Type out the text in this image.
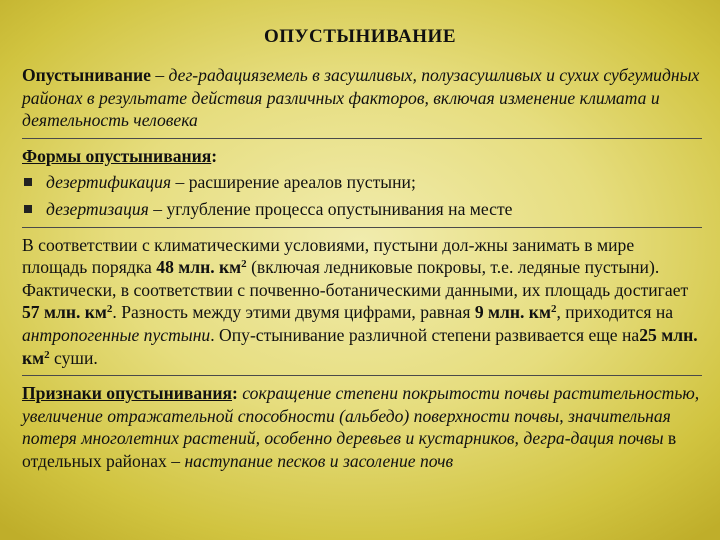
ОПУСТЫНИВАНИЕ

Опустынивание – дег-радацияземель в засушливых, полузасушливых и сухих субгумидных районах в результате действия различных факторов, включая изменение климата и деятельность человека

Формы опустынивания:

дезертификация – расширение ареалов пустыни;
дезертизация – углубление процесса опустынивания на месте

В соответствии с климатическими условиями, пустыни дол-жны занимать в мире площадь порядка 48 млн. $км^2$ (включая ледниковые покровы, т.е. ледяные пустыни). Фактически, в соответствии с почвенно-ботаническими данными, их площадь достигает 57 млн. $км^2$. Разность между этими двумя цифрами, равная 9 млн. $км^2$, приходится на антропогенные пустыни. Опу-стынивание различной степени развивается еще на25 млн. $км^2$ суши.

Признаки опустынивания: сокращение степени покрытости почвы растительностью, увеличение отражательной способности (альбедо) поверхности почвы, значительная потеря многолетних растений, особенно деревьев и кустарников, дегра-дация почвы в отдельных районах – наступание песков и засоление почв
